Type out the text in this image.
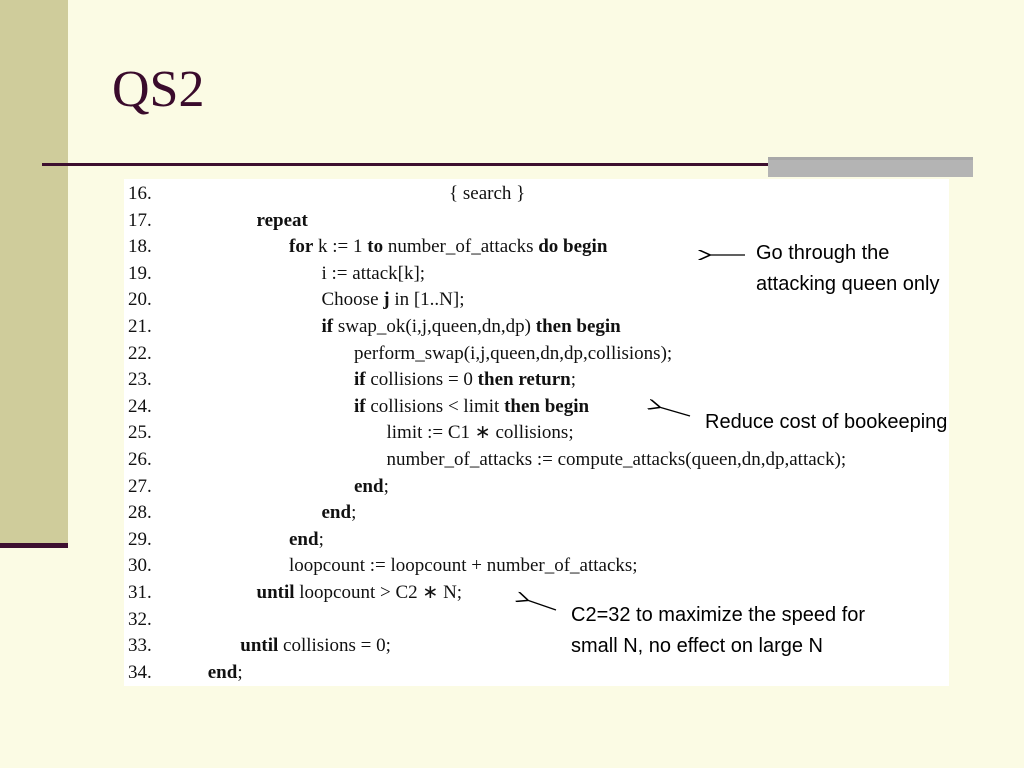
QS2
16.	{ search }
17.	repeat
18.	for k := 1 to number_of_attacks do begin
19.	i := attack[k];
20.	Choose j in [1..N];
21.	if swap_ok(i,j,queen,dn,dp) then begin
22.	perform_swap(i,j,queen,dn,dp,collisions);
23.	if collisions = 0 then return;
24.	if collisions < limit then begin
25.	limit := C1 ∗ collisions;
26.	number_of_attacks := compute_attacks(queen,dn,dp,attack);
27.	end;
28.	end;
29.	end;
30.	loopcount := loopcount + number_of_attacks;
31.	until loopcount > C2 ∗ N;
32.
33.	until collisions = 0;
34.	end;
Go through the
attacking queen only
Reduce cost of bookeeping
C2=32 to maximize the speed for
small N, no effect on large N
